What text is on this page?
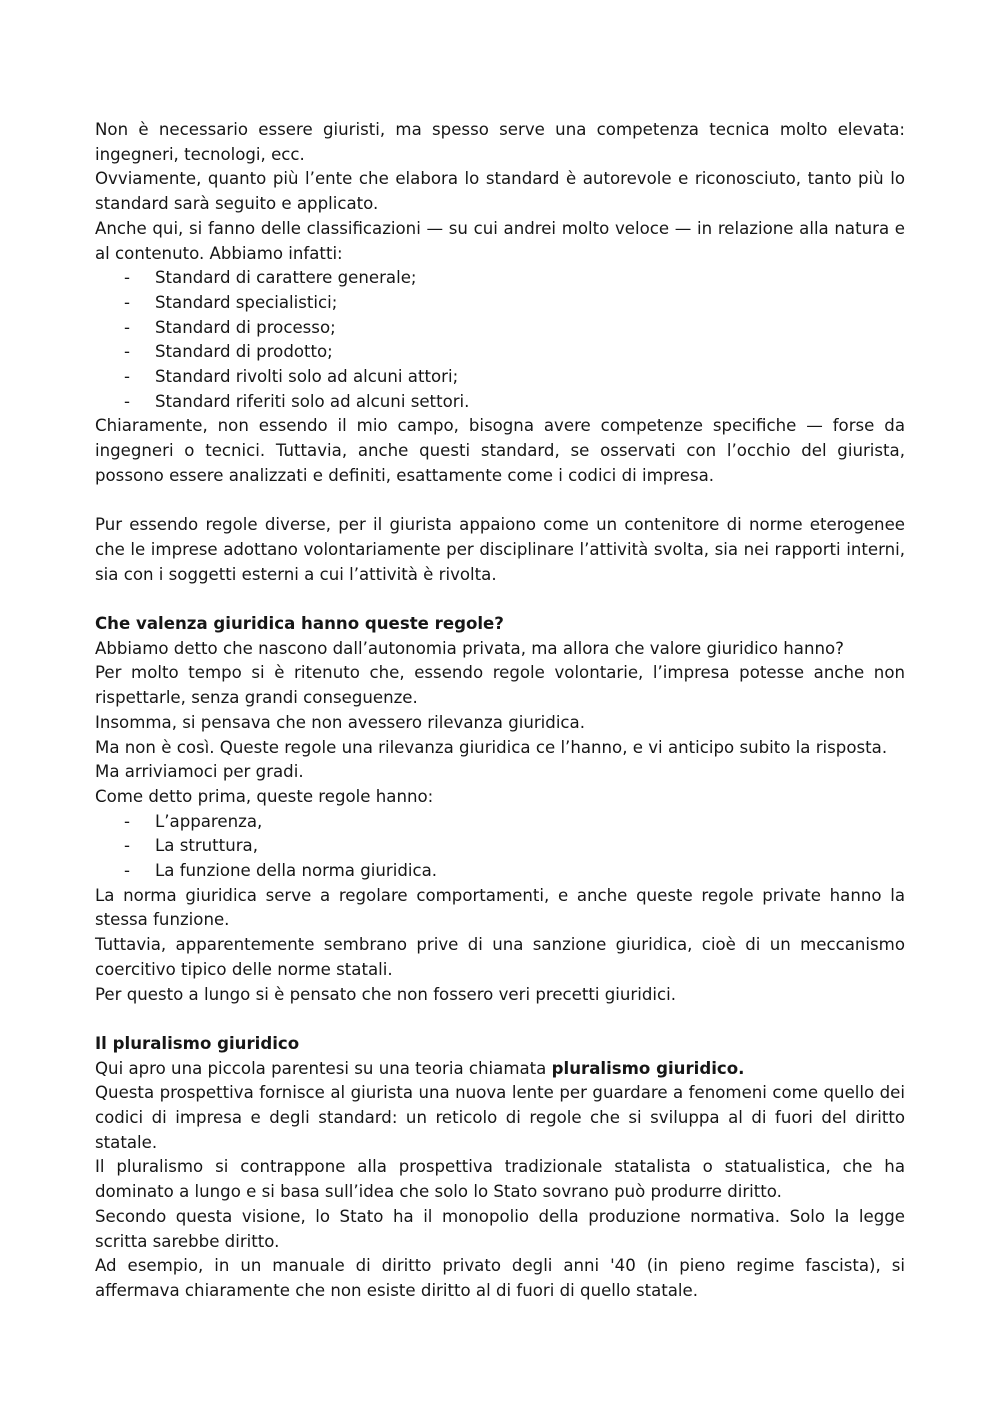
Non è necessario essere giuristi, ma spesso serve una competenza tecnica molto elevata: ingegneri, tecnologi, ecc.

Ovviamente, quanto più l’ente che elabora lo standard è autorevole e riconosciuto, tanto più lo standard sarà seguito e applicato.

Anche qui, si fanno delle classificazioni — su cui andrei molto veloce — in relazione alla natura e al contenuto. Abbiamo infatti:

- Standard di carattere generale;
- Standard specialistici;
- Standard di processo;
- Standard di prodotto;
- Standard rivolti solo ad alcuni attori;
- Standard riferiti solo ad alcuni settori.

Chiaramente, non essendo il mio campo, bisogna avere competenze specifiche — forse da ingegneri o tecnici. Tuttavia, anche questi standard, se osservati con l’occhio del giurista, possono essere analizzati e definiti, esattamente come i codici di impresa.

Pur essendo regole diverse, per il giurista appaiono come un contenitore di norme eterogenee che le imprese adottano volontariamente per disciplinare l’attività svolta, sia nei rapporti interni, sia con i soggetti esterni a cui l’attività è rivolta.

Che valenza giuridica hanno queste regole?

Abbiamo detto che nascono dall’autonomia privata, ma allora che valore giuridico hanno?

Per molto tempo si è ritenuto che, essendo regole volontarie, l’impresa potesse anche non rispettarle, senza grandi conseguenze.

Insomma, si pensava che non avessero rilevanza giuridica.

Ma non è così. Queste regole una rilevanza giuridica ce l’hanno, e vi anticipo subito la risposta.

Ma arriviamoci per gradi.

Come detto prima, queste regole hanno:

- L’apparenza,
- La struttura,
- La funzione della norma giuridica.

La norma giuridica serve a regolare comportamenti, e anche queste regole private hanno la stessa funzione.

Tuttavia, apparentemente sembrano prive di una sanzione giuridica, cioè di un meccanismo coercitivo tipico delle norme statali.

Per questo a lungo si è pensato che non fossero veri precetti giuridici.

Il pluralismo giuridico

Qui apro una piccola parentesi su una teoria chiamata pluralismo giuridico.

Questa prospettiva fornisce al giurista una nuova lente per guardare a fenomeni come quello dei codici di impresa e degli standard: un reticolo di regole che si sviluppa al di fuori del diritto statale.

Il pluralismo si contrappone alla prospettiva tradizionale statalista o statualistica, che ha dominato a lungo e si basa sull’idea che solo lo Stato sovrano può produrre diritto.

Secondo questa visione, lo Stato ha il monopolio della produzione normativa. Solo la legge scritta sarebbe diritto.

Ad esempio, in un manuale di diritto privato degli anni '40 (in pieno regime fascista), si affermava chiaramente che non esiste diritto al di fuori di quello statale.
